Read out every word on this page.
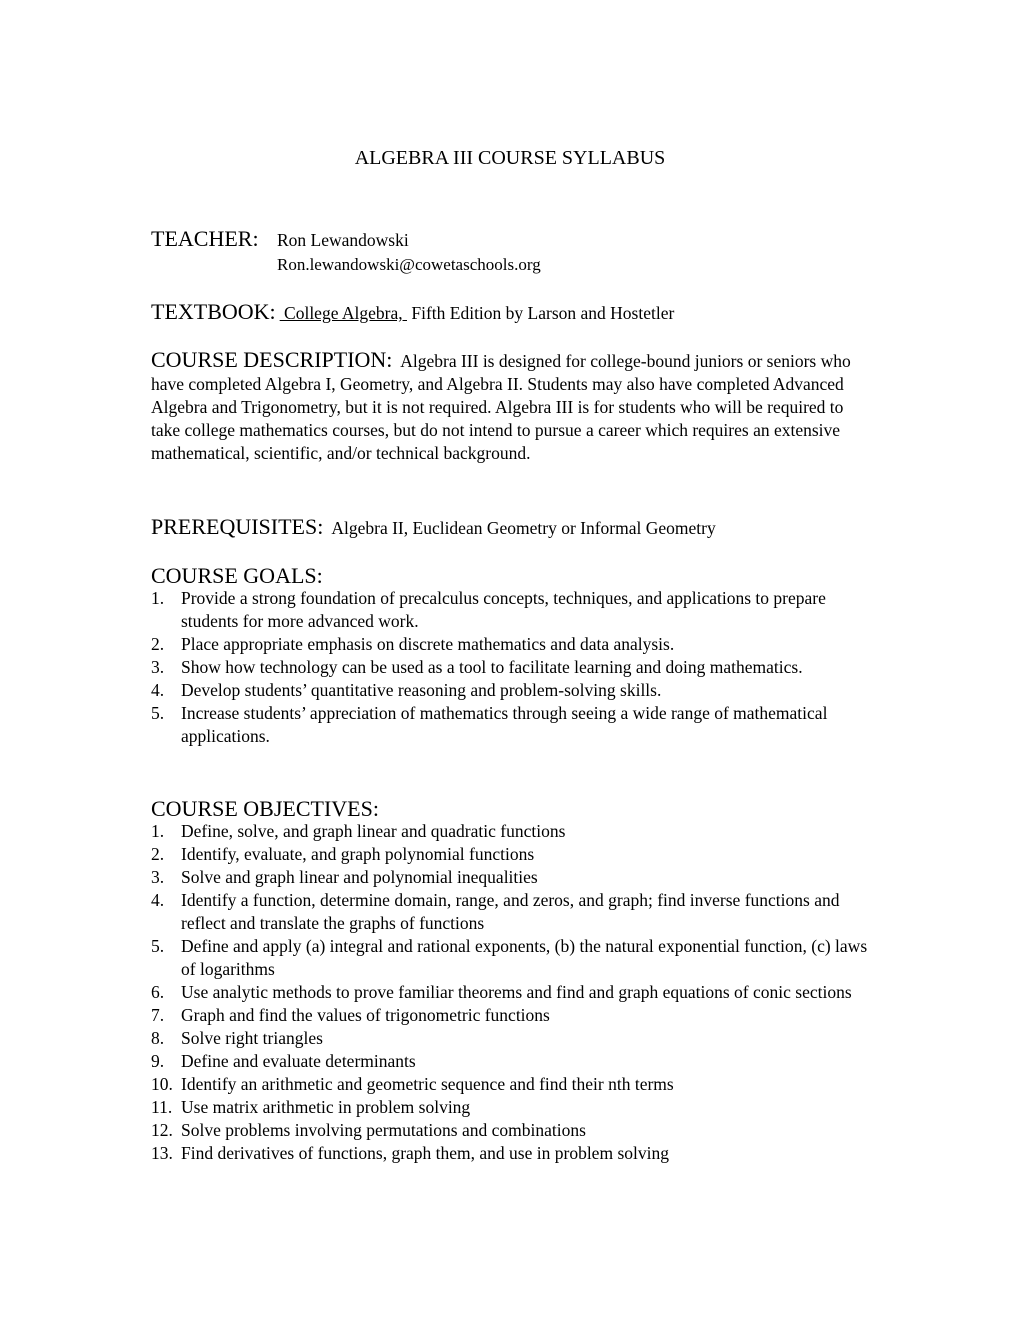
ALGEBRA III COURSE SYLLABUS
TEACHER: Ron Lewandowski
Ron.lewandowski@cowetaschools.org
TEXTBOOK:  College Algebra,  Fifth Edition by Larson and Hostetler
COURSE DESCRIPTION: Algebra III is designed for college-bound juniors or seniors who have completed Algebra I, Geometry, and Algebra II. Students may also have completed Advanced Algebra and Trigonometry, but it is not required. Algebra III is for students who will be required to take college mathematics courses, but do not intend to pursue a career which requires an extensive mathematical, scientific, and/or technical background.
PREREQUISITES: Algebra II, Euclidean Geometry or Informal Geometry
COURSE GOALS:
1. Provide a strong foundation of precalculus concepts, techniques, and applications to prepare students for more advanced work.
2. Place appropriate emphasis on discrete mathematics and data analysis.
3. Show how technology can be used as a tool to facilitate learning and doing mathematics.
4. Develop students’ quantitative reasoning and problem-solving skills.
5. Increase students’ appreciation of mathematics through seeing a wide range of mathematical applications.
COURSE OBJECTIVES:
1. Define, solve, and graph linear and quadratic functions
2. Identify, evaluate, and graph polynomial functions
3. Solve and graph linear and polynomial inequalities
4. Identify a function, determine domain, range, and zeros, and graph; find inverse functions and reflect and translate the graphs of functions
5. Define and apply (a) integral and rational exponents, (b) the natural exponential function, (c) laws of logarithms
6. Use analytic methods to prove familiar theorems and find and graph equations of conic sections
7. Graph and find the values of trigonometric functions
8. Solve right triangles
9. Define and evaluate determinants
10. Identify an arithmetic and geometric sequence and find their nth terms
11. Use matrix arithmetic in problem solving
12. Solve problems involving permutations and combinations
13. Find derivatives of functions, graph them, and use in problem solving
